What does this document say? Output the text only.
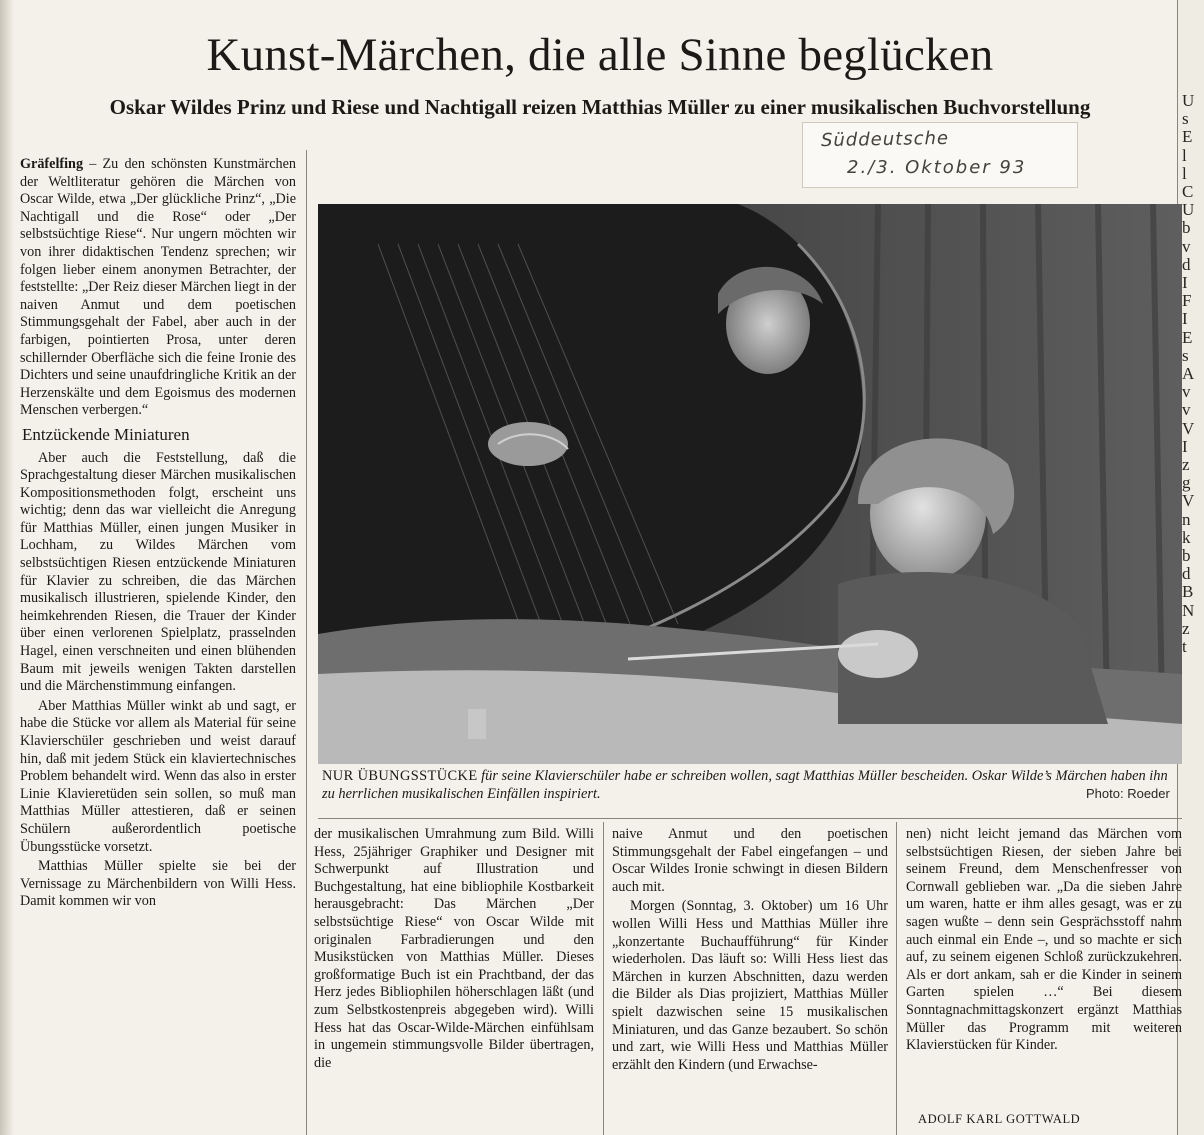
U
s
E
l
l
C
U
b
v
d
I
F
I
E
s
A
v
v
V
I
z
g
V
n
k
b
d
B
N
z
t
Kunst-Märchen, die alle Sinne beglücken
Oskar Wildes Prinz und Riese und Nachtigall reizen Matthias Müller zu einer musikalischen Buchvorstellung
Süddeutsche
2./3. Oktober 93

Gräfelfing – Zu den schönsten Kunstmärchen der Weltliteratur gehören die Märchen von Oscar Wilde, etwa „Der glückliche Prinz“, „Die Nachtigall und die Rose“ oder „Der selbstsüchtige Riese“. Nur ungern möchten wir von ihrer didaktischen Tendenz sprechen; wir folgen lieber einem anonymen Betrachter, der feststellte: „Der Reiz dieser Märchen liegt in der naiven Anmut und dem poetischen Stimmungsgehalt der Fabel, aber auch in der farbigen, pointierten Prosa, unter deren schillernder Oberfläche sich die feine Ironie des Dichters und seine unaufdringliche Kritik an der Herzenskälte und dem Egoismus des modernen Menschen verbergen.“

Entzückende Miniaturen

Aber auch die Feststellung, daß die Sprachgestaltung dieser Märchen musikalischen Kompositionsmethoden folgt, erscheint uns wichtig; denn das war vielleicht die Anregung für Matthias Müller, einen jungen Musiker in Lochham, zu Wildes Märchen vom selbstsüchtigen Riesen entzückende Miniaturen für Klavier zu schreiben, die das Märchen musikalisch illustrieren, spielende Kinder, den heimkehrenden Riesen, die Trauer der Kinder über einen verlorenen Spielplatz, prasselnden Hagel, einen verschneiten und einen blühenden Baum mit jeweils wenigen Takten darstellen und die Märchenstimmung einfangen.

Aber Matthias Müller winkt ab und sagt, er habe die Stücke vor allem als Material für seine Klavierschüler geschrieben und weist darauf hin, daß mit jedem Stück ein klaviertechnisches Problem behandelt wird. Wenn das also in erster Linie Klavieretüden sein sollen, so muß man Matthias Müller attestieren, daß er seinen Schülern außerordentlich poetische Übungsstücke vorsetzt.

Matthias Müller spielte sie bei der Vernissage zu Märchenbildern von Willi Hess. Damit kommen wir von

NUR ÜBUNGSSTÜCKE für seine Klavierschüler habe er schreiben wollen, sagt Matthias Müller bescheiden. Oskar Wilde’s Märchen haben ihn zu herrlichen musikalischen Einfällen inspiriert.	Photo: Roeder

der musikalischen Umrahmung zum Bild. Willi Hess, 25jähriger Graphiker und Designer mit Schwerpunkt auf Illustration und Buchgestaltung, hat eine bibliophile Kostbarkeit herausgebracht: Das Märchen „Der selbstsüchtige Riese“ von Oscar Wilde mit originalen Farbradierungen und den Musikstücken von Matthias Müller. Dieses großformatige Buch ist ein Prachtband, der das Herz jedes Bibliophilen höherschlagen läßt (und zum Selbstkostenpreis abgegeben wird). Willi Hess hat das Oscar-Wilde-Märchen einfühlsam in ungemein stimmungsvolle Bilder übertragen, die

naive Anmut und den poetischen Stimmungsgehalt der Fabel eingefangen – und Oscar Wildes Ironie schwingt in diesen Bildern auch mit.

Morgen (Sonntag, 3. Oktober) um 16 Uhr wollen Willi Hess und Matthias Müller ihre „konzertante Buchaufführung“ für Kinder wiederholen. Das läuft so: Willi Hess liest das Märchen in kurzen Abschnitten, dazu werden die Bilder als Dias projiziert, Matthias Müller spielt dazwischen seine 15 musikalischen Miniaturen, und das Ganze bezaubert. So schön und zart, wie Willi Hess und Matthias Müller erzählt den Kindern (und Erwachse-

nen) nicht leicht jemand das Märchen vom selbstsüchtigen Riesen, der sieben Jahre bei seinem Freund, dem Menschenfresser von Cornwall geblieben war. „Da die sieben Jahre um waren, hatte er ihm alles gesagt, was er zu sagen wußte – denn sein Gesprächsstoff nahm auch einmal ein Ende –, und so machte er sich auf, zu seinem eigenen Schloß zurückzukehren. Als er dort ankam, sah er die Kinder in seinem Garten spielen …“ Bei diesem Sonntagnachmittagskonzert ergänzt Matthias Müller das Programm mit weiteren Klavierstücken für Kinder.

ADOLF KARL GOTTWALD
